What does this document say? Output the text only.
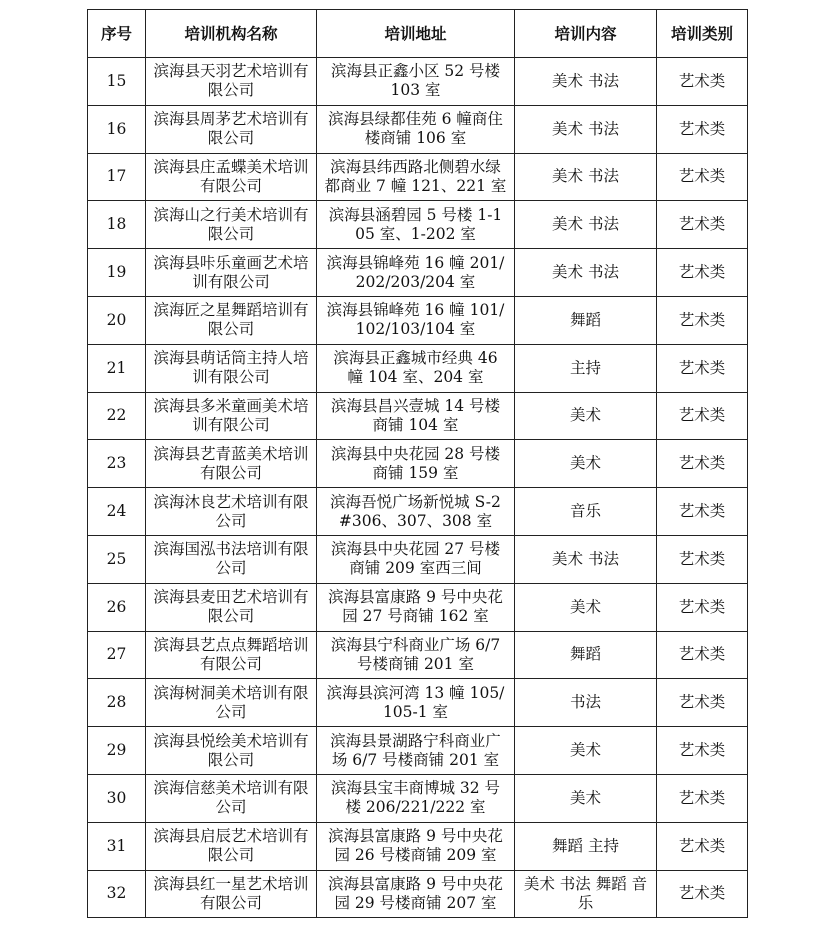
序号	培训机构名称	培训地址	培训内容	培训类别
15	滨海县天羽艺术培训有限公司	滨海县正鑫小区 52 号楼 103 室	美术 书法	艺术类
16	滨海县周茅艺术培训有限公司	滨海县绿都佳苑 6 幢商住楼商铺 106 室	美术 书法	艺术类
17	滨海县庄孟蝶美术培训有限公司	滨海县纬西路北侧碧水绿都商业 7 幢 121、221 室	美术 书法	艺术类
18	滨海山之行美术培训有限公司	滨海县涵碧园 5 号楼 1-105 室、1-202 室	美术 书法	艺术类
19	滨海县咔乐童画艺术培训有限公司	滨海县锦峰苑 16 幢 201/202/203/204 室	美术 书法	艺术类
20	滨海匠之星舞蹈培训有限公司	滨海县锦峰苑 16 幢 101/102/103/104 室	舞蹈	艺术类
21	滨海县萌话筒主持人培训有限公司	滨海县正鑫城市经典 46 幢 104 室、204 室	主持	艺术类
22	滨海县多米童画美术培训有限公司	滨海县昌兴壹城 14 号楼商铺 104 室	美术	艺术类
23	滨海县艺青蓝美术培训有限公司	滨海县中央花园 28 号楼商铺 159 室	美术	艺术类
24	滨海沐良艺术培训有限公司	滨海吾悦广场新悦城 S-2#306、307、308 室	音乐	艺术类
25	滨海国泓书法培训有限公司	滨海县中央花园 27 号楼商铺 209 室西三间	美术 书法	艺术类
26	滨海县麦田艺术培训有限公司	滨海县富康路 9 号中央花园 27 号商铺 162 室	美术	艺术类
27	滨海县艺点点舞蹈培训有限公司	滨海县宁科商业广场 6/7 号楼商铺 201 室	舞蹈	艺术类
28	滨海树洞美术培训有限公司	滨海县滨河湾 13 幢 105/105-1 室	书法	艺术类
29	滨海县悦绘美术培训有限公司	滨海县景湖路宁科商业广场 6/7 号楼商铺 201 室	美术	艺术类
30	滨海信慈美术培训有限公司	滨海县宝丰商博城 32 号楼 206/221/222 室	美术	艺术类
31	滨海县启辰艺术培训有限公司	滨海县富康路 9 号中央花园 26 号楼商铺 209 室	舞蹈 主持	艺术类
32	滨海县红一星艺术培训有限公司	滨海县富康路 9 号中央花园 29 号楼商铺 207 室	美术 书法 舞蹈 音乐	艺术类
